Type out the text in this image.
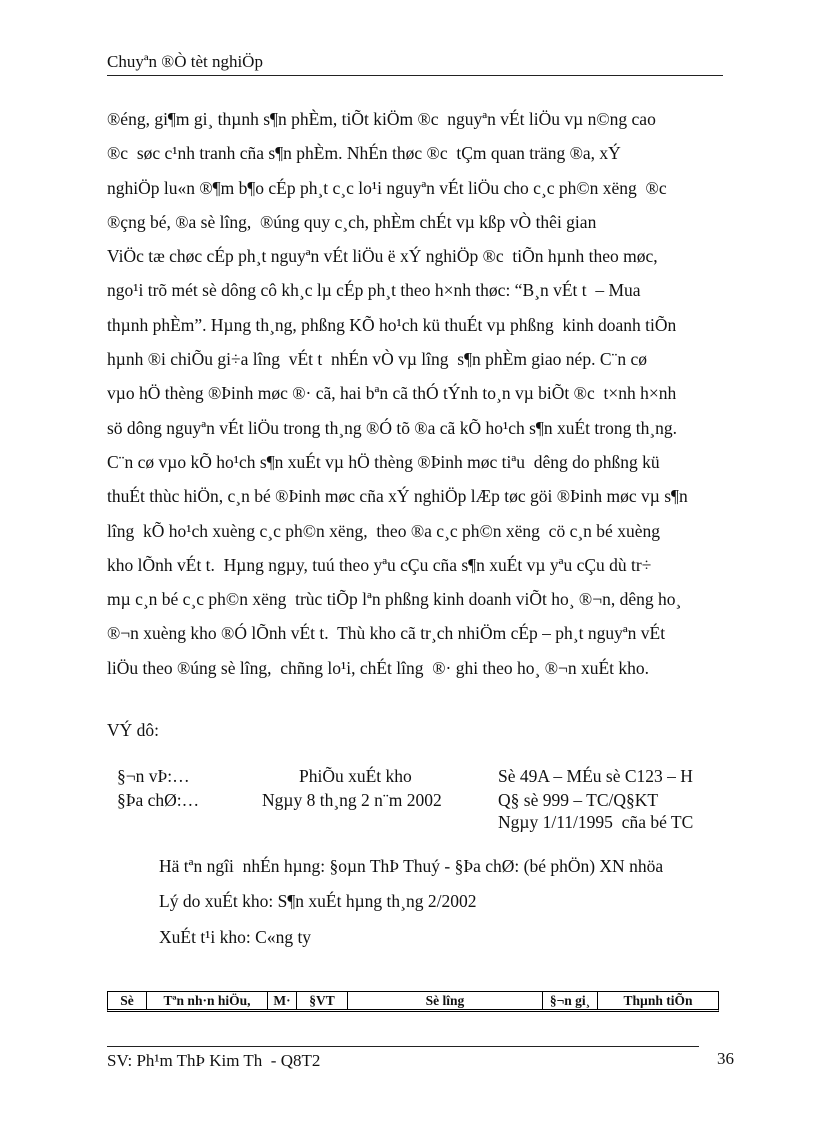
Chuyªn ®Ò tèt nghiÖp
®éng, gi¶m gi¸ thµnh s¶n phÈm, tiÕt kiÖm ®c  nguyªn vÉt liÖu vµ n©ng cao
®c  søc c¹nh tranh cña s¶n phÈm. NhÉn thøc ®c  tÇm quan träng ®a, xÝ
nghiÖp lu«n ®¶m b¶o cÉp ph¸t c¸c lo¹i nguyªn vÉt liÖu cho c¸c ph©n xëng  ®c
®çng bé, ®a sè lîng,  ®úng quy c¸ch, phÈm chÉt vµ kßp vÒ thêi gian
ViÖc tæ chøc cÉp ph¸t nguyªn vÉt liÖu ë xÝ nghiÖp ®c  tiÕn hµnh theo møc,
ngo¹i trõ mét sè dông cô kh¸c lµ cÉp ph¸t theo h×nh thøc: “B¸n vÉt t  – Mua
thµnh phÈm”. Hµng th¸ng, phßng KÕ ho¹ch kü thuÉt vµ phßng  kinh doanh tiÕn
hµnh ®i chiÕu gi÷a lîng  vÉt t  nhÉn vÒ vµ lîng  s¶n phÈm giao nép. C¨n cø
vµo hÖ thèng ®Þinh møc ®· cã, hai bªn cã thÓ tÝnh to¸n vµ biÕt ®c  t×nh h×nh
sö dông nguyªn vÉt liÖu trong th¸ng ®Ó tõ ®a cã kÕ ho¹ch s¶n xuÉt trong th¸ng.
C¨n cø vµo kÕ ho¹ch s¶n xuÉt vµ hÖ thèng ®Þinh møc tiªu  dêng do phßng kü
thuÉt thùc hiÖn, c¸n bé ®Þinh møc cña xÝ nghiÖp lÆp tøc göi ®Þinh møc vµ s¶n
lîng  kÕ ho¹ch xuèng c¸c ph©n xëng,  theo ®a c¸c ph©n xëng  cö c¸n bé xuèng
kho lÕnh vÉt t.  Hµng ngµy, tuú theo yªu cÇu cña s¶n xuÉt vµ yªu cÇu dù tr÷
mµ c¸n bé c¸c ph©n xëng  trùc tiÕp lªn phßng kinh doanh viÕt ho¸ ®¬n, dêng ho¸
®¬n xuèng kho ®Ó lÕnh vÉt t.  Thù kho cã tr¸ch nhiÖm cÉp – ph¸t nguyªn vÉt
liÖu theo ®úng sè lîng,  chñng lo¹i, chÉt lîng  ®· ghi theo ho¸ ®¬n xuÉt kho.
VÝ dô:
§¬n vÞ:…	PhiÕu xuÉt kho	Sè 49A – MÉu sè C123 – H
§Þa chØ:…	Ngµy 8 th¸ng 2 n¨m 2002	Q§ sè 999 – TC/Q§KT
Ngµy 1/11/1995  cña bé TC
Hä tªn ngîi  nhÉn hµng: §oµn ThÞ Thuý - §Þa chØ: (bé phÖn) XN nhöa
Lý do xuÉt kho: S¶n xuÉt hµng th¸ng 2/2002
XuÉt t¹i kho: C«ng ty
Sè	Tªn nh·n hiÖu,	M·	§VT	Sè lîng	§¬n gi¸	Thµnh tiÕn
SV: Ph¹m ThÞ Kim Th  - Q8T2	36
